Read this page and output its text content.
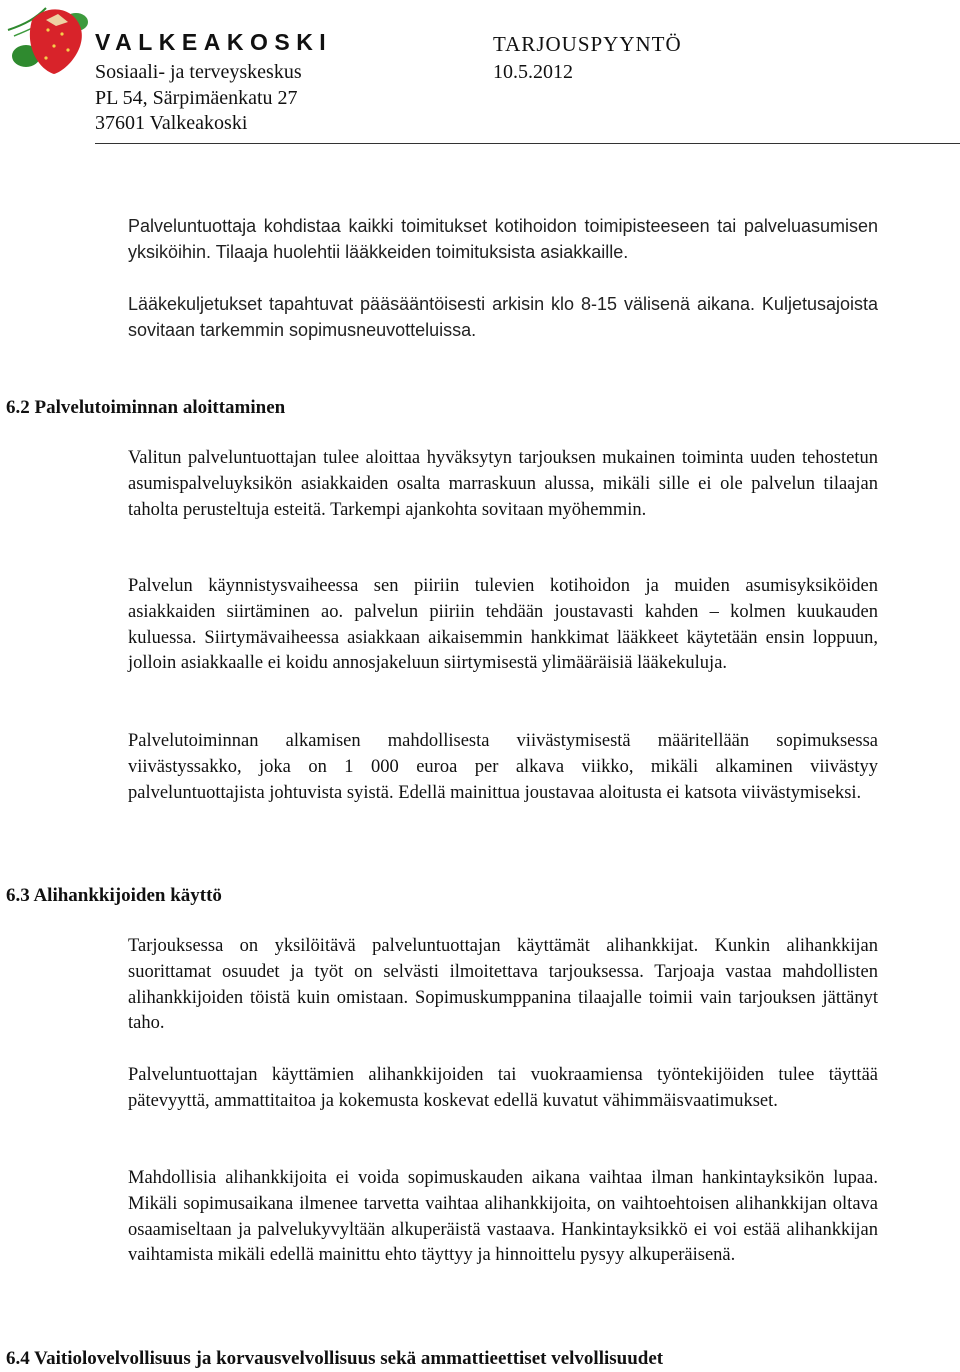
VALKEAKOSKI
Sosiaali- ja terveyskeskus
PL 54, Särpimäenkatu 27
37601 Valkeakoski
TARJOUSPYYNTÖ
10.5.2012
Palveluntuottaja kohdistaa kaikki toimitukset kotihoidon toimipisteeseen tai palveluasumisen yksiköihin. Tilaaja huolehtii lääkkeiden toimituksista asiakkaille.
Lääkekuljetukset tapahtuvat pääsääntöisesti arkisin klo 8-15 välisenä aikana. Kuljetusajoista sovitaan tarkemmin sopimusneuvotteluissa.
6.2 Palvelutoiminnan aloittaminen
Valitun palveluntuottajan tulee aloittaa hyväksytyn tarjouksen mukainen toiminta uuden tehostetun asumispalveluyksikön asiakkaiden osalta marraskuun alussa, mikäli sille ei ole palvelun tilaajan taholta perusteltuja esteitä. Tarkempi ajankohta sovitaan myöhemmin.
Palvelun käynnistysvaiheessa sen piiriin tulevien kotihoidon ja muiden asumisyksiköiden asiakkaiden siirtäminen ao. palvelun piiriin tehdään joustavasti kahden – kolmen kuukauden kuluessa. Siirtymävaiheessa asiakkaan aikaisemmin hankkimat lääkkeet käytetään ensin loppuun, jolloin asiakkaalle ei koidu annosjakeluun siirtymisestä ylimääräisiä lääkekuluja.
Palvelutoiminnan alkamisen mahdollisesta viivästymisestä määritellään sopimuksessa viivästyssakko, joka on 1 000 euroa per alkava viikko, mikäli alkaminen viivästyy palveluntuottajista johtuvista syistä. Edellä mainittua joustavaa aloitusta ei katsota viivästymiseksi.
6.3 Alihankkijoiden käyttö
Tarjouksessa on yksilöitävä palveluntuottajan käyttämät alihankkijat. Kunkin alihankkijan suorittamat osuudet ja työt on selvästi ilmoitettava tarjouksessa. Tarjoaja vastaa mahdollisten alihankkijoiden töistä kuin omistaan. Sopimuskumppanina tilaajalle toimii vain tarjouksen jättänyt taho.
Palveluntuottajan käyttämien alihankkijoiden tai vuokraamiensa työntekijöiden tulee täyttää pätevyyttä, ammattitaitoa ja kokemusta koskevat edellä kuvatut vähimmäisvaatimukset.
Mahdollisia alihankkijoita ei voida sopimuskauden aikana vaihtaa ilman hankintayksikön lupaa. Mikäli sopimusaikana ilmenee tarvetta vaihtaa alihankkijoita, on vaihtoehtoisen alihankkijan oltava osaamiseltaan ja palvelukyvyltään alkuperäistä vastaava. Hankintayksikkö ei voi estää alihankkijan vaihtamista mikäli edellä mainittu ehto täyttyy ja hinnoittelu pysyy alkuperäisenä.
6.4 Vaitiolovelvollisuus ja korvausvelvollisuus sekä ammattieettiset velvollisuudet
